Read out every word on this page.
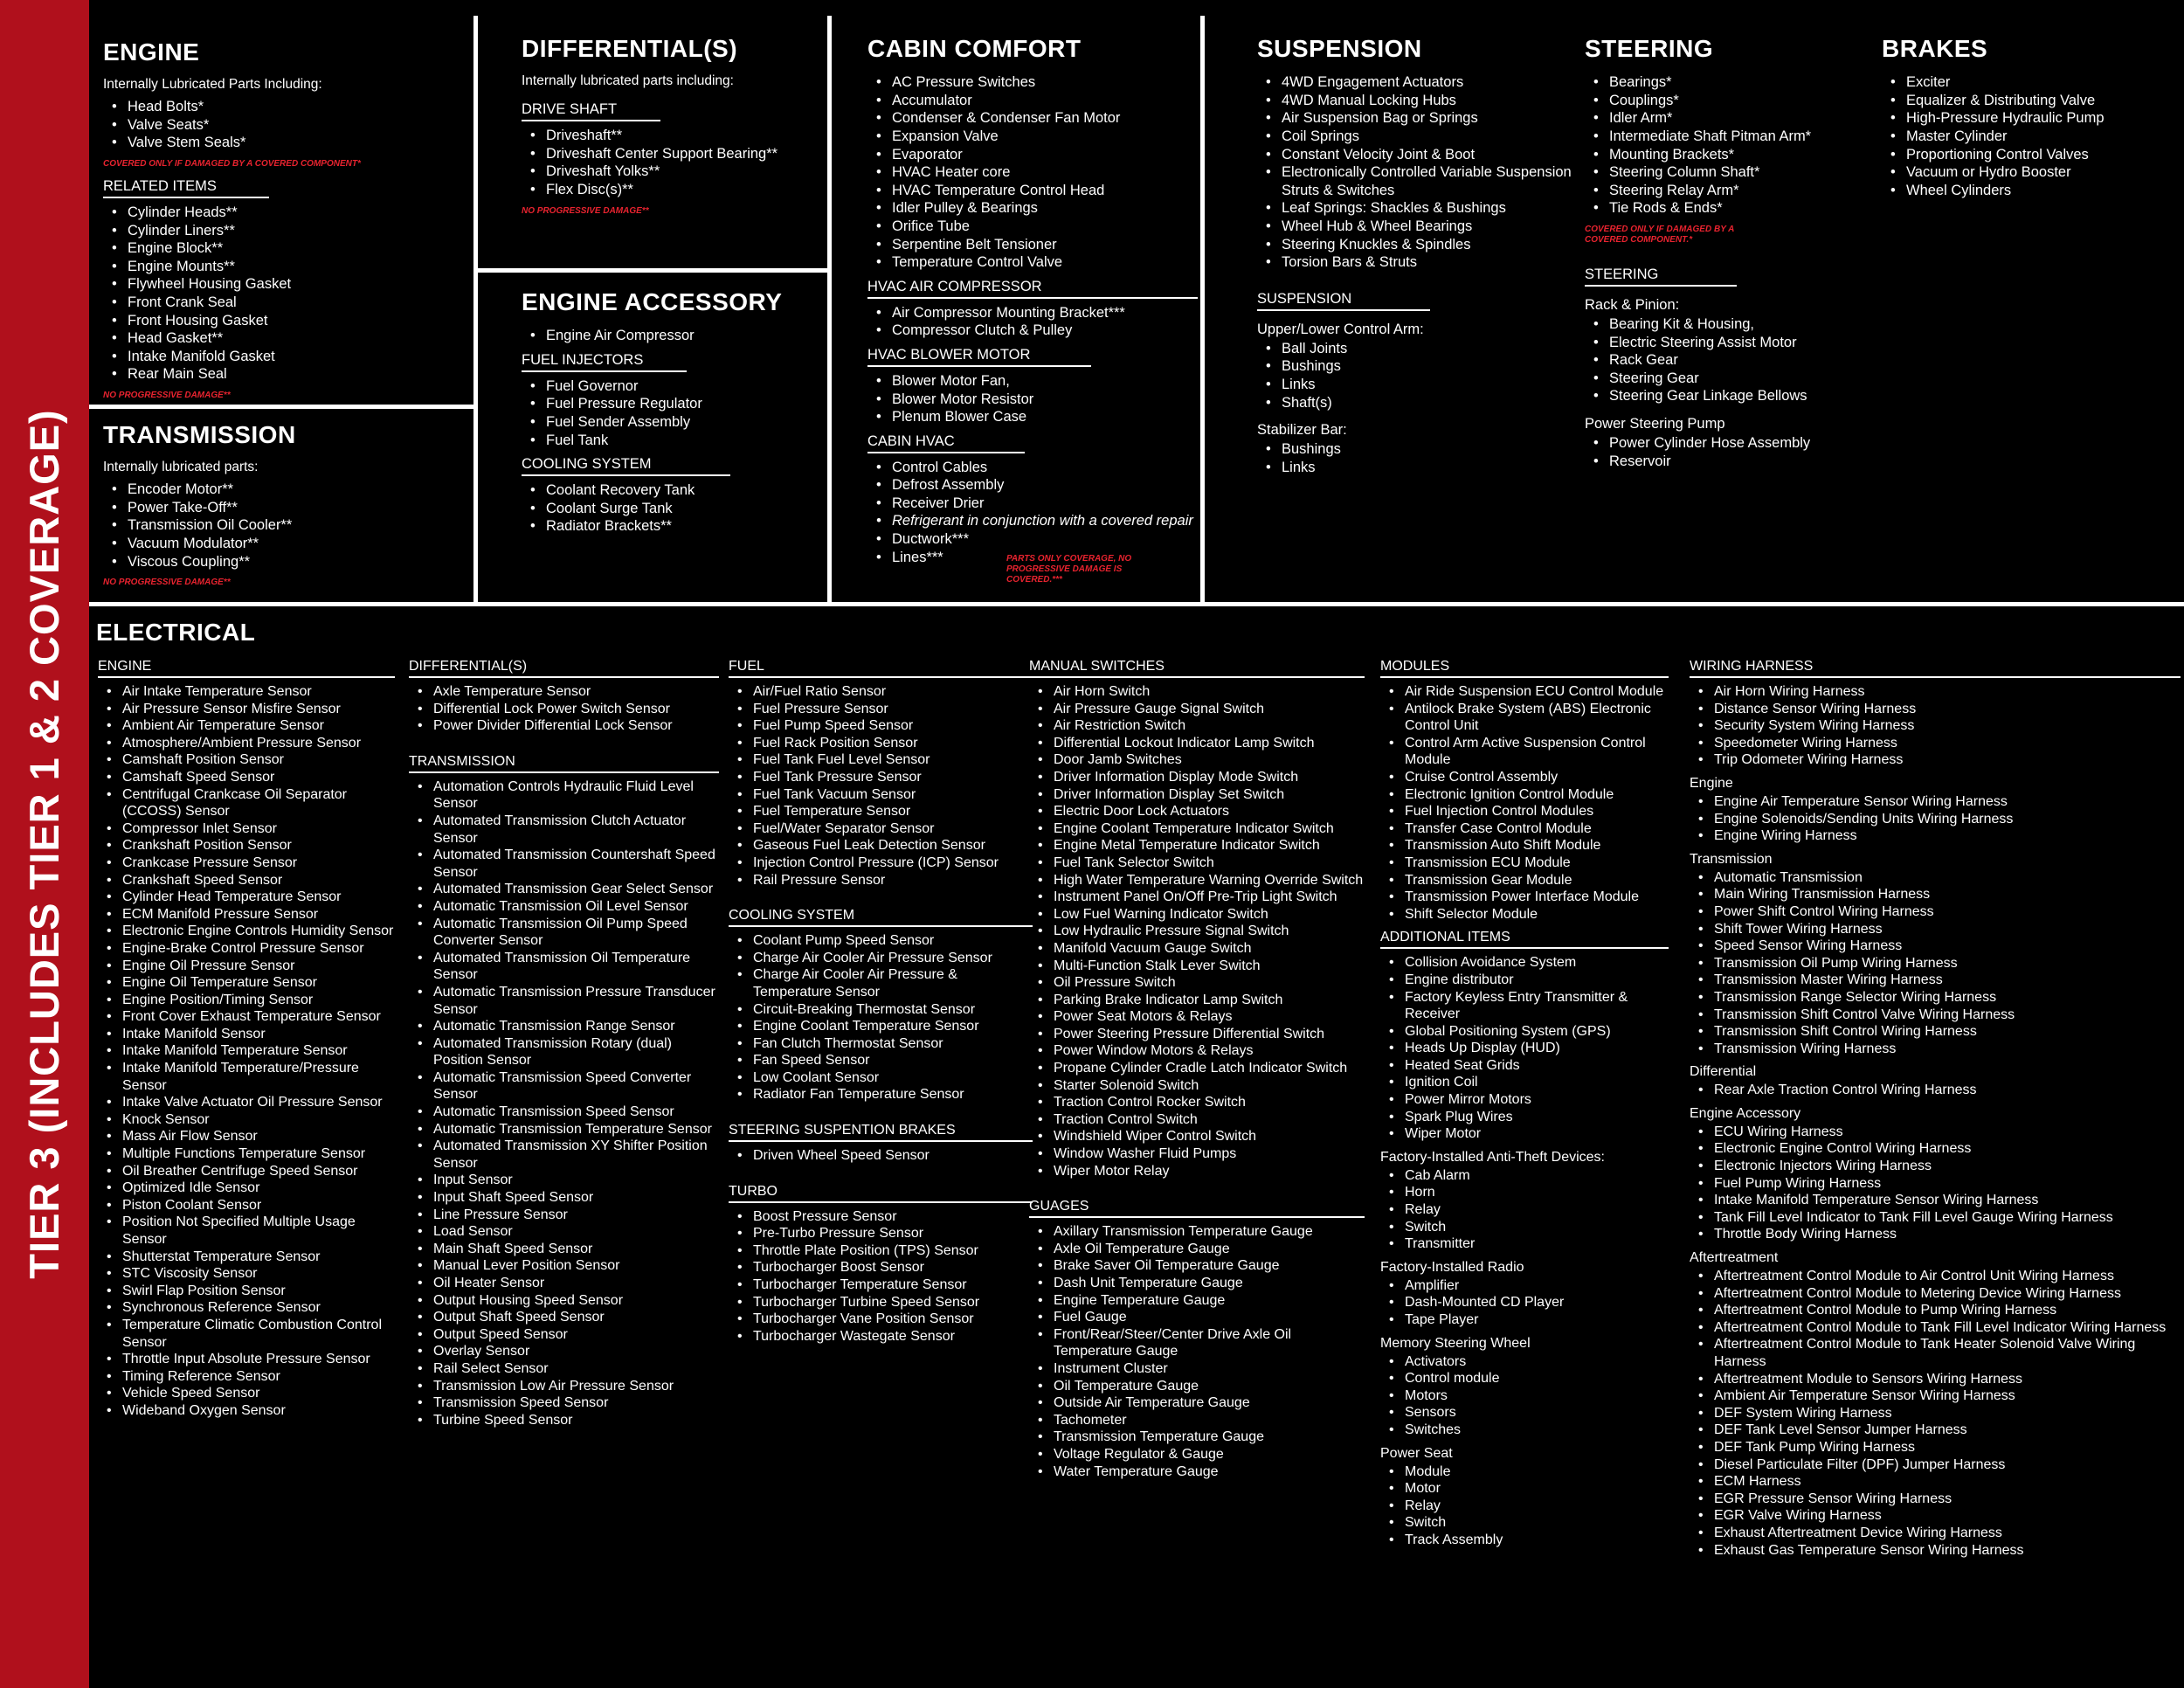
TIER 3 (INCLUDES TIER 1 & 2 COVERAGE)
ENGINE
Internally Lubricated Parts Including:
• Head Bolts*
• Valve Seats*
• Valve Stem Seals*
COVERED ONLY IF DAMAGED BY A COVERED COMPONENT*
RELATED ITEMS
• Cylinder Heads**
• Cylinder Liners**
• Engine Block**
• Engine Mounts**
• Flywheel Housing Gasket
• Front Crank Seal
• Front Housing Gasket
• Head Gasket**
• Intake Manifold Gasket
• Rear Main Seal
NO PROGRESSIVE DAMAGE**
TRANSMISSION
Internally lubricated parts:
• Encoder Motor**
• Power Take-Off**
• Transmission Oil Cooler**
• Vacuum Modulator**
• Viscous Coupling**
NO PROGRESSIVE DAMAGE**
DIFFERENTIAL(S)
Internally lubricated parts including:
DRIVE SHAFT
• Driveshaft**
• Driveshaft Center Support Bearing**
• Driveshaft Yolks**
• Flex Disc(s)**
NO PROGRESSIVE DAMAGE**
ENGINE ACCESSORY
• Engine Air Compressor
FUEL INJECTORS
• Fuel Governor
• Fuel Pressure Regulator
• Fuel Sender Assembly
• Fuel Tank
COOLING SYSTEM
• Coolant Recovery Tank
• Coolant Surge Tank
• Radiator Brackets**
CABIN COMFORT
• AC Pressure Switches
• Accumulator
• Condenser & Condenser Fan Motor
• Expansion Valve
• Evaporator
• HVAC Heater core
• HVAC Temperature Control Head
• Idler Pulley & Bearings
• Orifice Tube
• Serpentine Belt Tensioner
• Temperature Control Valve
HVAC AIR COMPRESSOR
• Air Compressor Mounting Bracket***
• Compressor Clutch & Pulley
HVAC BLOWER MOTOR
• Blower Motor Fan,
• Blower Motor Resistor
• Plenum Blower Case
CABIN HVAC
• Control Cables
• Defrost Assembly
• Receiver Drier
• Refrigerant in conjunction with a covered repair
• Ductwork***
• Lines***	PARTS ONLY COVERAGE, NO PROGRESSIVE DAMAGE IS COVERED.***
SUSPENSION
• 4WD Engagement Actuators
• 4WD Manual Locking Hubs
• Air Suspension Bag or Springs
• Coil Springs
• Constant Velocity Joint & Boot
• Electronically Controlled Variable Suspension Struts & Switches
• Leaf Springs: Shackles & Bushings
• Wheel Hub & Wheel Bearings
• Steering Knuckles & Spindles
• Torsion Bars & Struts
SUSPENSION
Upper/Lower Control Arm:
• Ball Joints
• Bushings
• Links
• Shaft(s)
Stabilizer Bar:
• Bushings
• Links
STEERING
• Bearings*
• Couplings*
• Idler Arm*
• Intermediate Shaft Pitman Arm*
• Mounting Brackets*
• Steering Column Shaft*
• Steering Relay Arm*
• Tie Rods & Ends*
COVERED ONLY IF DAMAGED BY A COVERED COMPONENT.*
STEERING
Rack & Pinion:
• Bearing Kit & Housing,
• Electric Steering Assist Motor
• Rack Gear
• Steering Gear
• Steering Gear Linkage Bellows
Power Steering Pump
• Power Cylinder Hose Assembly
• Reservoir
BRAKES
• Exciter
• Equalizer & Distributing Valve
• High-Pressure Hydraulic Pump
• Master Cylinder
• Proportioning Control Valves
• Vacuum or Hydro Booster
• Wheel Cylinders
ELECTRICAL
ENGINE
• Air Intake Temperature Sensor
• Air Pressure Sensor Misfire Sensor
• Ambient Air Temperature Sensor
• Atmosphere/Ambient Pressure Sensor
• Camshaft Position Sensor
• Camshaft Speed Sensor
• Centrifugal Crankcase Oil Separator (CCOSS) Sensor
• Compressor Inlet Sensor
• Crankshaft Position Sensor
• Crankcase Pressure Sensor
• Crankshaft Speed Sensor
• Cylinder Head Temperature Sensor
• ECM Manifold Pressure Sensor
• Electronic Engine Controls Humidity Sensor
• Engine-Brake Control Pressure Sensor
• Engine Oil Pressure Sensor
• Engine Oil Temperature Sensor
• Engine Position/Timing Sensor
• Front Cover Exhaust Temperature Sensor
• Intake Manifold Sensor
• Intake Manifold Temperature Sensor
• Intake Manifold Temperature/Pressure Sensor
• Intake Valve Actuator Oil Pressure Sensor
• Knock Sensor
• Mass Air Flow Sensor
• Multiple Functions Temperature Sensor
• Oil Breather Centrifuge Speed Sensor
• Optimized Idle Sensor
• Piston Coolant Sensor
• Position Not Specified Multiple Usage Sensor
• Shutterstat Temperature Sensor
• STC Viscosity Sensor
• Swirl Flap Position Sensor
• Synchronous Reference Sensor
• Temperature Climatic Combustion Control Sensor
• Throttle Input Absolute Pressure Sensor
• Timing Reference Sensor
• Vehicle Speed Sensor
• Wideband Oxygen Sensor
DIFFERENTIAL(S)
• Axle Temperature Sensor
• Differential Lock Power Switch Sensor
• Power Divider Differential Lock Sensor
TRANSMISSION
• Automation Controls Hydraulic Fluid Level Sensor
• Automated Transmission Clutch Actuator Sensor
• Automated Transmission Countershaft Speed Sensor
• Automated Transmission Gear Select Sensor
• Automatic Transmission Oil Level Sensor
• Automatic Transmission Oil Pump Speed Converter Sensor
• Automated Transmission Oil Temperature Sensor
• Automatic Transmission Pressure Transducer Sensor
• Automatic Transmission Range Sensor
• Automated Transmission Rotary (dual) Position Sensor
• Automatic Transmission Speed Converter Sensor
• Automatic Transmission Speed Sensor
• Automatic Transmission Temperature Sensor
• Automated Transmission XY Shifter Position Sensor
• Input Sensor
• Input Shaft Speed Sensor
• Line Pressure Sensor
• Load Sensor
• Main Shaft Speed Sensor
• Manual Lever Position Sensor
• Oil Heater Sensor
• Output Housing Speed Sensor
• Output Shaft Speed Sensor
• Output Speed Sensor
• Overlay Sensor
• Rail Select Sensor
• Transmission Low Air Pressure Sensor
• Transmission Speed Sensor
• Turbine Speed Sensor
FUEL
• Air/Fuel Ratio Sensor
• Fuel Pressure Sensor
• Fuel Pump Speed Sensor
• Fuel Rack Position Sensor
• Fuel Tank Fuel Level Sensor
• Fuel Tank Pressure Sensor
• Fuel Tank Vacuum Sensor
• Fuel Temperature Sensor
• Fuel/Water Separator Sensor
• Gaseous Fuel Leak Detection Sensor
• Injection Control Pressure (ICP) Sensor
• Rail Pressure Sensor
COOLING SYSTEM
• Coolant Pump Speed Sensor
• Charge Air Cooler Air Pressure Sensor
• Charge Air Cooler Air Pressure & Temperature Sensor
• Circuit-Breaking Thermostat Sensor
• Engine Coolant Temperature Sensor
• Fan Clutch Thermostat Sensor
• Fan Speed Sensor
• Low Coolant Sensor
• Radiator Fan Temperature Sensor
STEERING SUSPENTION BRAKES
• Driven Wheel Speed Sensor
TURBO
• Boost Pressure Sensor
• Pre-Turbo Pressure Sensor
• Throttle Plate Position (TPS) Sensor
• Turbocharger Boost Sensor
• Turbocharger Temperature Sensor
• Turbocharger Turbine Speed Sensor
• Turbocharger Vane Position Sensor
• Turbocharger Wastegate Sensor
MANUAL SWITCHES
• Air Horn Switch
• Air Pressure Gauge Signal Switch
• Air Restriction Switch
• Differential Lockout Indicator Lamp Switch
• Door Jamb Switches
• Driver Information Display Mode Switch
• Driver Information Display Set Switch
• Electric Door Lock Actuators
• Engine Coolant Temperature Indicator Switch
• Engine Metal Temperature Indicator Switch
• Fuel Tank Selector Switch
• High Water Temperature Warning Override Switch
• Instrument Panel On/Off Pre-Trip Light Switch
• Low Fuel Warning Indicator Switch
• Low Hydraulic Pressure Signal Switch
• Manifold Vacuum Gauge Switch
• Multi-Function Stalk Lever Switch
• Oil Pressure Switch
• Parking Brake Indicator Lamp Switch
• Power Seat Motors & Relays
• Power Steering Pressure Differential Switch
• Power Window Motors & Relays
• Propane Cylinder Cradle Latch Indicator Switch
• Starter Solenoid Switch
• Traction Control Rocker Switch
• Traction Control Switch
• Windshield Wiper Control Switch
• Window Washer Fluid Pumps
• Wiper Motor Relay
GUAGES
• Axillary Transmission Temperature Gauge
• Axle Oil Temperature Gauge
• Brake Saver Oil Temperature Gauge
• Dash Unit Temperature Gauge
• Engine Temperature Gauge
• Fuel Gauge
• Front/Rear/Steer/Center Drive Axle Oil Temperature Gauge
• Instrument Cluster
• Oil Temperature Gauge
• Outside Air Temperature Gauge
• Tachometer
• Transmission Temperature Gauge
• Voltage Regulator & Gauge
• Water Temperature Gauge
MODULES
• Air Ride Suspension ECU Control Module
• Antilock Brake System (ABS) Electronic Control Unit
• Control Arm Active Suspension Control Module
• Cruise Control Assembly
• Electronic Ignition Control Module
• Fuel Injection Control Modules
• Transfer Case Control Module
• Transmission Auto Shift Module
• Transmission ECU Module
• Transmission Gear Module
• Transmission Power Interface Module
• Shift Selector Module
ADDITIONAL ITEMS
• Collision Avoidance System
• Engine distributor
• Factory Keyless Entry Transmitter & Receiver
• Global Positioning System (GPS)
• Heads Up Display (HUD)
• Heated Seat Grids
• Ignition Coil
• Power Mirror Motors
• Spark Plug Wires
• Wiper Motor
Factory-Installed Anti-Theft Devices:
• Cab Alarm
• Horn
• Relay
• Switch
• Transmitter
Factory-Installed Radio
• Amplifier
• Dash-Mounted CD Player
• Tape Player
Memory Steering Wheel
• Activators
• Control module
• Motors
• Sensors
• Switches
Power Seat
• Module
• Motor
• Relay
• Switch
• Track Assembly
WIRING HARNESS
• Air Horn Wiring Harness
• Distance Sensor Wiring Harness
• Security System Wiring Harness
• Speedometer Wiring Harness
• Trip Odometer Wiring Harness
Engine
• Engine Air Temperature Sensor Wiring Harness
• Engine Solenoids/Sending Units Wiring Harness
• Engine Wiring Harness
Transmission
• Automatic Transmission
• Main Wiring Transmission Harness
• Power Shift Control Wiring Harness
• Shift Tower Wiring Harness
• Speed Sensor Wiring Harness
• Transmission Oil Pump Wiring Harness
• Transmission Master Wiring Harness
• Transmission Range Selector Wiring Harness
• Transmission Shift Control Valve Wiring Harness
• Transmission Shift Control Wiring Harness
• Transmission Wiring Harness
Differential
• Rear Axle Traction Control Wiring Harness
Engine Accessory
• ECU Wiring Harness
• Electronic Engine Control Wiring Harness
• Electronic Injectors Wiring Harness
• Fuel Pump Wiring Harness
• Intake Manifold Temperature Sensor Wiring Harness
• Tank Fill Level Indicator to Tank Fill Level Gauge Wiring Harness
• Throttle Body Wiring Harness
Aftertreatment
• Aftertreatment Control Module to Air Control Unit Wiring Harness
• Aftertreatment Control Module to Metering Device Wiring Harness
• Aftertreatment Control Module to Pump Wiring Harness
• Aftertreatment Control Module to Tank Fill Level Indicator Wiring Harness
• Aftertreatment Control Module to Tank Heater Solenoid Valve Wiring Harness
• Aftertreatment Module to Sensors Wiring Harness
• Ambient Air Temperature Sensor Wiring Harness
• DEF System Wiring Harness
• DEF Tank Level Sensor Jumper Harness
• DEF Tank Pump Wiring Harness
• Diesel Particulate Filter (DPF) Jumper Harness
• ECM Harness
• EGR Pressure Sensor Wiring Harness
• EGR Valve Wiring Harness
• Exhaust Aftertreatment Device Wiring Harness
• Exhaust Gas Temperature Sensor Wiring Harness
